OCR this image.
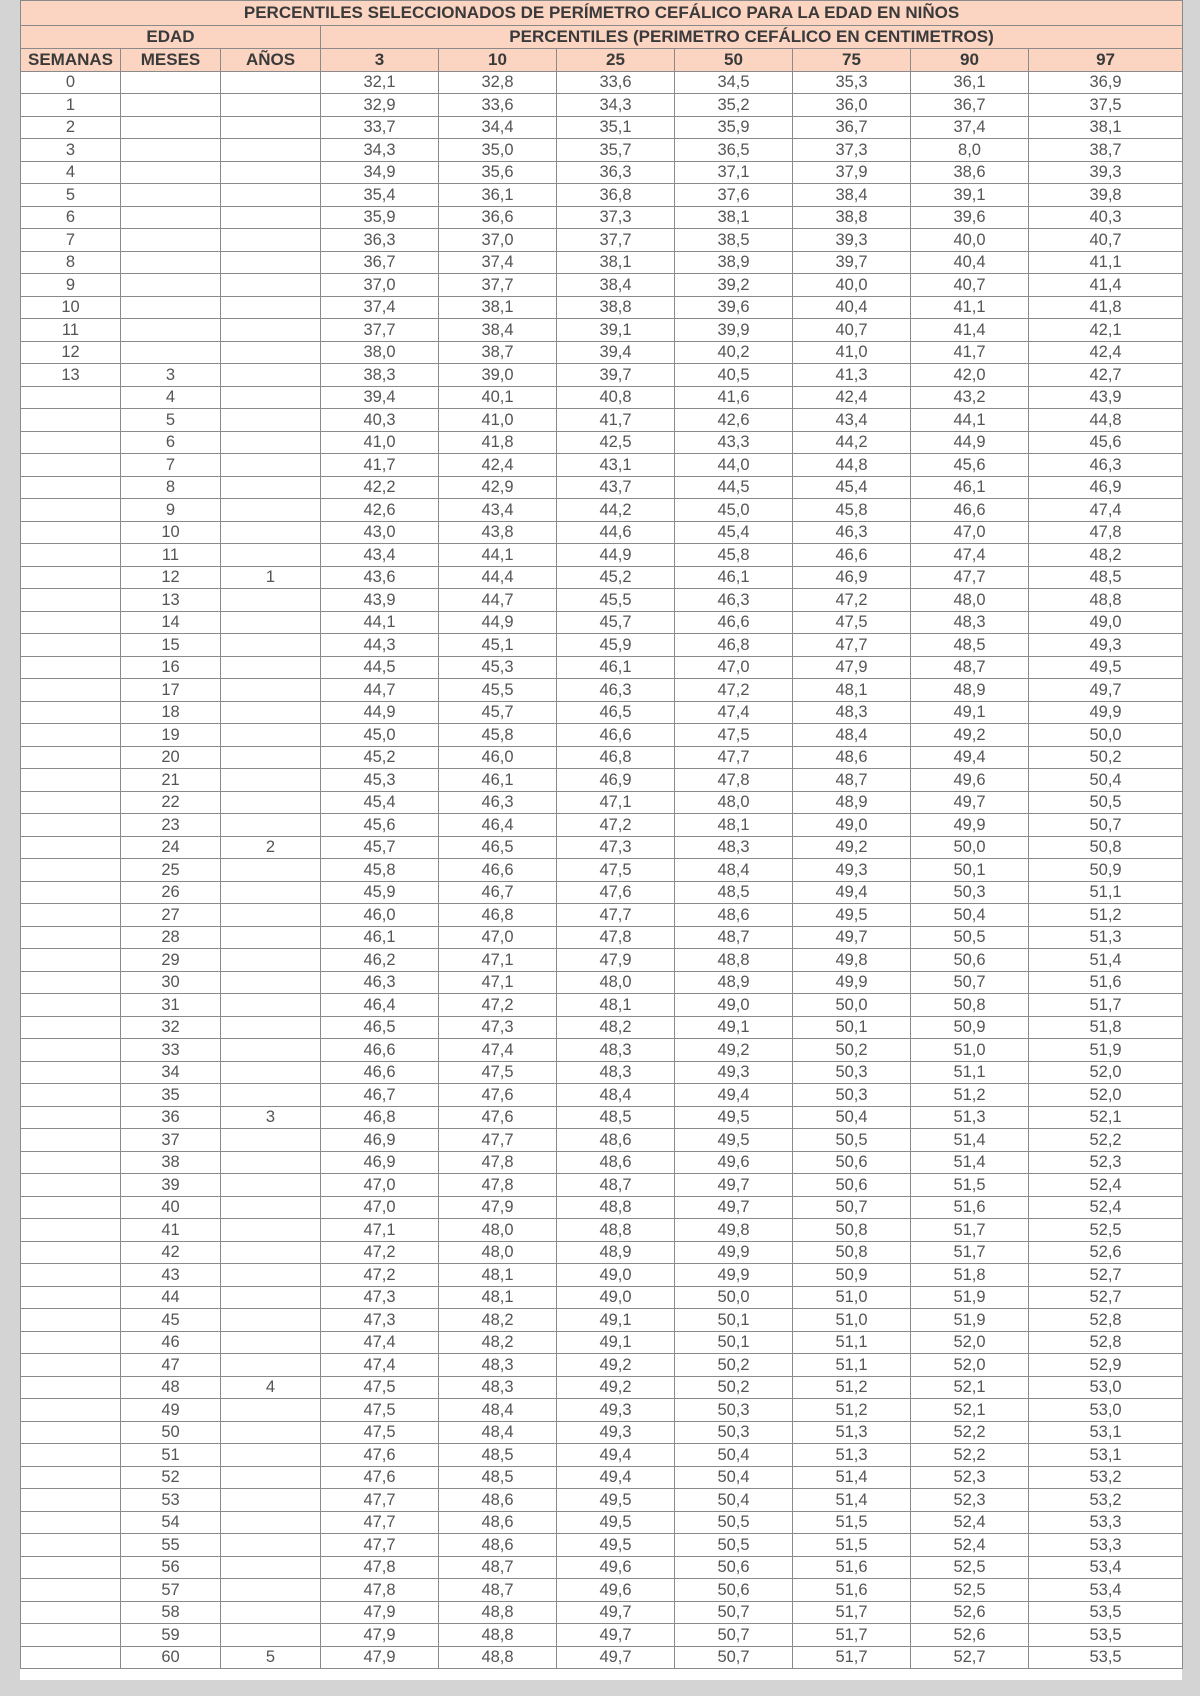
PERCENTILES SELECCIONADOS DE PERÍMETRO CEFÁLICO PARA LA EDAD EN NIÑOS									
EDAD			PERCENTILES (PERIMETRO CEFÁLICO EN CENTIMETROS)						
SEMANAS	MESES	AÑOS	3	10	25	50	75	90	97
0			32,1	32,8	33,6	34,5	35,3	36,1	36,9
1			32,9	33,6	34,3	35,2	36,0	36,7	37,5
2			33,7	34,4	35,1	35,9	36,7	37,4	38,1
3			34,3	35,0	35,7	36,5	37,3	8,0	38,7
4			34,9	35,6	36,3	37,1	37,9	38,6	39,3
5			35,4	36,1	36,8	37,6	38,4	39,1	39,8
6			35,9	36,6	37,3	38,1	38,8	39,6	40,3
7			36,3	37,0	37,7	38,5	39,3	40,0	40,7
8			36,7	37,4	38,1	38,9	39,7	40,4	41,1
9			37,0	37,7	38,4	39,2	40,0	40,7	41,4
10			37,4	38,1	38,8	39,6	40,4	41,1	41,8
11			37,7	38,4	39,1	39,9	40,7	41,4	42,1
12			38,0	38,7	39,4	40,2	41,0	41,7	42,4
13	3		38,3	39,0	39,7	40,5	41,3	42,0	42,7
	4		39,4	40,1	40,8	41,6	42,4	43,2	43,9
	5		40,3	41,0	41,7	42,6	43,4	44,1	44,8
	6		41,0	41,8	42,5	43,3	44,2	44,9	45,6
	7		41,7	42,4	43,1	44,0	44,8	45,6	46,3
	8		42,2	42,9	43,7	44,5	45,4	46,1	46,9
	9		42,6	43,4	44,2	45,0	45,8	46,6	47,4
	10		43,0	43,8	44,6	45,4	46,3	47,0	47,8
	11		43,4	44,1	44,9	45,8	46,6	47,4	48,2
	12	1	43,6	44,4	45,2	46,1	46,9	47,7	48,5
	13		43,9	44,7	45,5	46,3	47,2	48,0	48,8
	14		44,1	44,9	45,7	46,6	47,5	48,3	49,0
	15		44,3	45,1	45,9	46,8	47,7	48,5	49,3
	16		44,5	45,3	46,1	47,0	47,9	48,7	49,5
	17		44,7	45,5	46,3	47,2	48,1	48,9	49,7
	18		44,9	45,7	46,5	47,4	48,3	49,1	49,9
	19		45,0	45,8	46,6	47,5	48,4	49,2	50,0
	20		45,2	46,0	46,8	47,7	48,6	49,4	50,2
	21		45,3	46,1	46,9	47,8	48,7	49,6	50,4
	22		45,4	46,3	47,1	48,0	48,9	49,7	50,5
	23		45,6	46,4	47,2	48,1	49,0	49,9	50,7
	24	2	45,7	46,5	47,3	48,3	49,2	50,0	50,8
	25		45,8	46,6	47,5	48,4	49,3	50,1	50,9
	26		45,9	46,7	47,6	48,5	49,4	50,3	51,1
	27		46,0	46,8	47,7	48,6	49,5	50,4	51,2
	28		46,1	47,0	47,8	48,7	49,7	50,5	51,3
	29		46,2	47,1	47,9	48,8	49,8	50,6	51,4
	30		46,3	47,1	48,0	48,9	49,9	50,7	51,6
	31		46,4	47,2	48,1	49,0	50,0	50,8	51,7
	32		46,5	47,3	48,2	49,1	50,1	50,9	51,8
	33		46,6	47,4	48,3	49,2	50,2	51,0	51,9
	34		46,6	47,5	48,3	49,3	50,3	51,1	52,0
	35		46,7	47,6	48,4	49,4	50,3	51,2	52,0
	36	3	46,8	47,6	48,5	49,5	50,4	51,3	52,1
	37		46,9	47,7	48,6	49,5	50,5	51,4	52,2
	38		46,9	47,8	48,6	49,6	50,6	51,4	52,3
	39		47,0	47,8	48,7	49,7	50,6	51,5	52,4
	40		47,0	47,9	48,8	49,7	50,7	51,6	52,4
	41		47,1	48,0	48,8	49,8	50,8	51,7	52,5
	42		47,2	48,0	48,9	49,9	50,8	51,7	52,6
	43		47,2	48,1	49,0	49,9	50,9	51,8	52,7
	44		47,3	48,1	49,0	50,0	51,0	51,9	52,7
	45		47,3	48,2	49,1	50,1	51,0	51,9	52,8
	46		47,4	48,2	49,1	50,1	51,1	52,0	52,8
	47		47,4	48,3	49,2	50,2	51,1	52,0	52,9
	48	4	47,5	48,3	49,2	50,2	51,2	52,1	53,0
	49		47,5	48,4	49,3	50,3	51,2	52,1	53,0
	50		47,5	48,4	49,3	50,3	51,3	52,2	53,1
	51		47,6	48,5	49,4	50,4	51,3	52,2	53,1
	52		47,6	48,5	49,4	50,4	51,4	52,3	53,2
	53		47,7	48,6	49,5	50,4	51,4	52,3	53,2
	54		47,7	48,6	49,5	50,5	51,5	52,4	53,3
	55		47,7	48,6	49,5	50,5	51,5	52,4	53,3
	56		47,8	48,7	49,6	50,6	51,6	52,5	53,4
	57		47,8	48,7	49,6	50,6	51,6	52,5	53,4
	58		47,9	48,8	49,7	50,7	51,7	52,6	53,5
	59		47,9	48,8	49,7	50,7	51,7	52,6	53,5
	60	5	47,9	48,8	49,7	50,7	51,7	52,7	53,5
